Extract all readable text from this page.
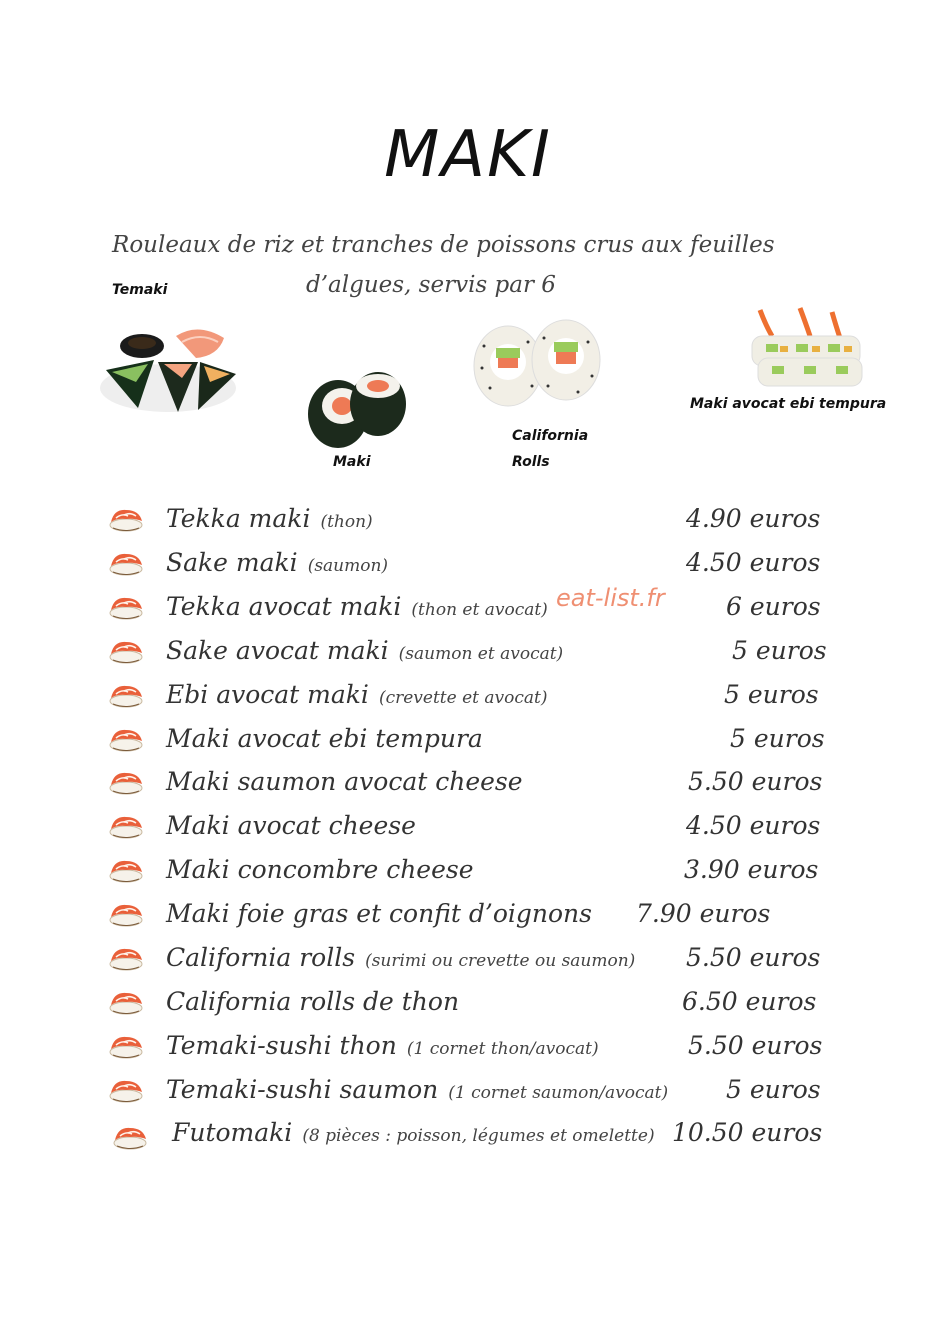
MAKI
Rouleaux de riz et tranches de poissons crus aux feuilles
d’algues, servis par 6
Temaki
Maki
California
Rolls
Maki avocat ebi tempura
eat-list.fr
Tekka maki (thon)	4.90 euros
Sake maki (saumon)	4.50 euros
Tekka avocat maki (thon et avocat)	6 euros
Sake avocat maki (saumon et avocat)	5 euros
Ebi avocat maki (crevette et avocat)	5 euros
Maki avocat ebi tempura	5 euros
Maki saumon avocat cheese	5.50 euros
Maki avocat cheese	4.50 euros
Maki concombre cheese	3.90 euros
Maki foie gras et confit d’oignons 7.90 euros
California rolls (surimi ou crevette ou saumon) 5.50 euros
California rolls de thon	6.50 euros
Temaki-sushi thon (1 cornet thon/avocat)	5.50 euros
Temaki-sushi saumon (1 cornet saumon/avocat) 5 euros
Futomaki (8 pièces : poisson, légumes et omelette) 10.50 euros
